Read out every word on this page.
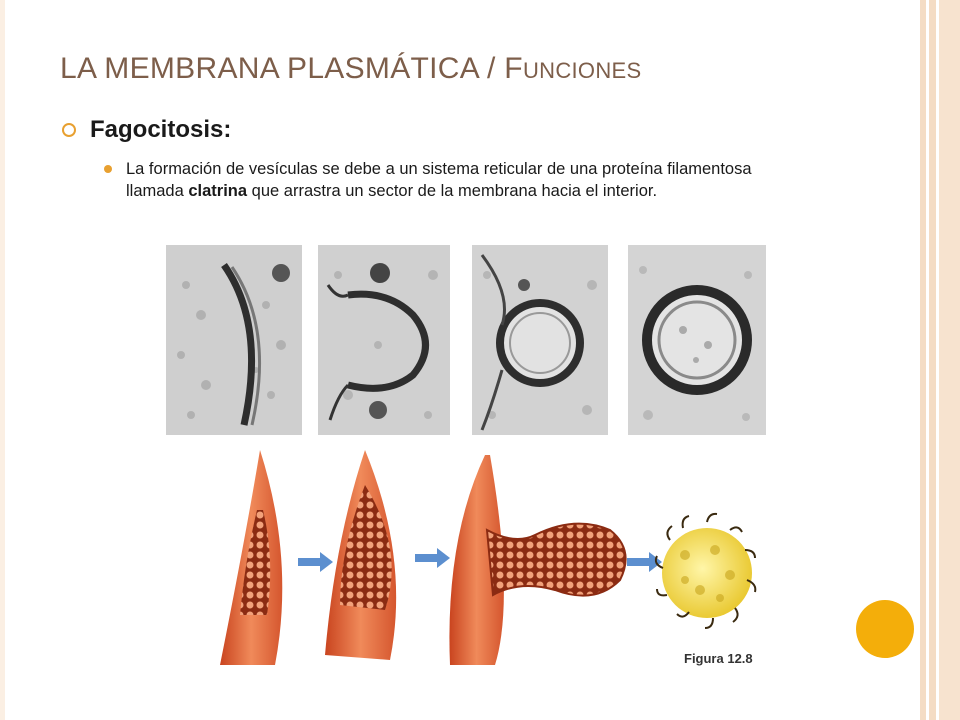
LA MEMBRANA PLASMÁTICA / FUNCIONES
Fagocitosis:
La formación de vesículas se debe a un sistema reticular de una proteína filamentosa llamada clatrina que arrastra un sector de la membrana hacia el interior.
Figura 12.8
